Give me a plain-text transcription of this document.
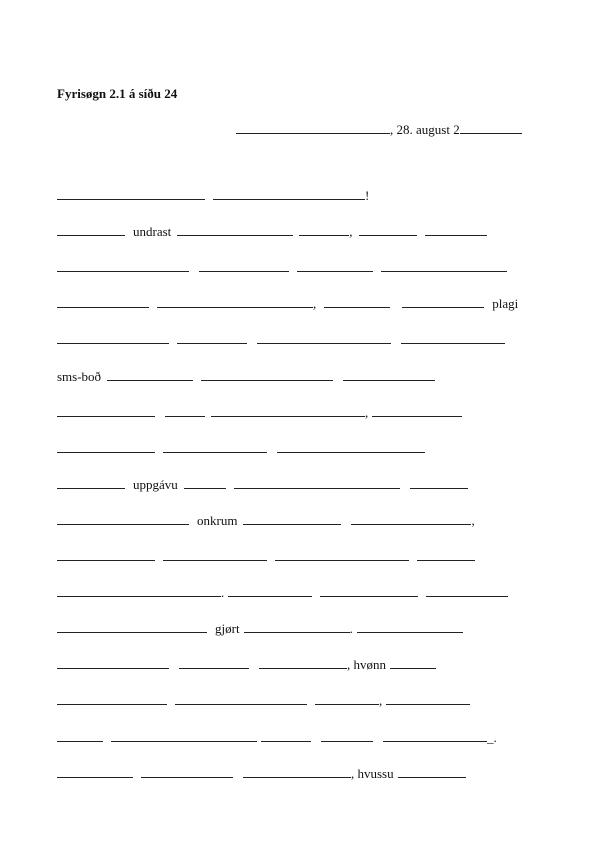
Fyrisøgn 2.1 á síðu 24
, 28. august 2
!
undrast	,
,	plagi
sms-boð
,
uppgávu
onkrum	,
.
gjørt	.
, hvønn
,
_.
, hvussu
